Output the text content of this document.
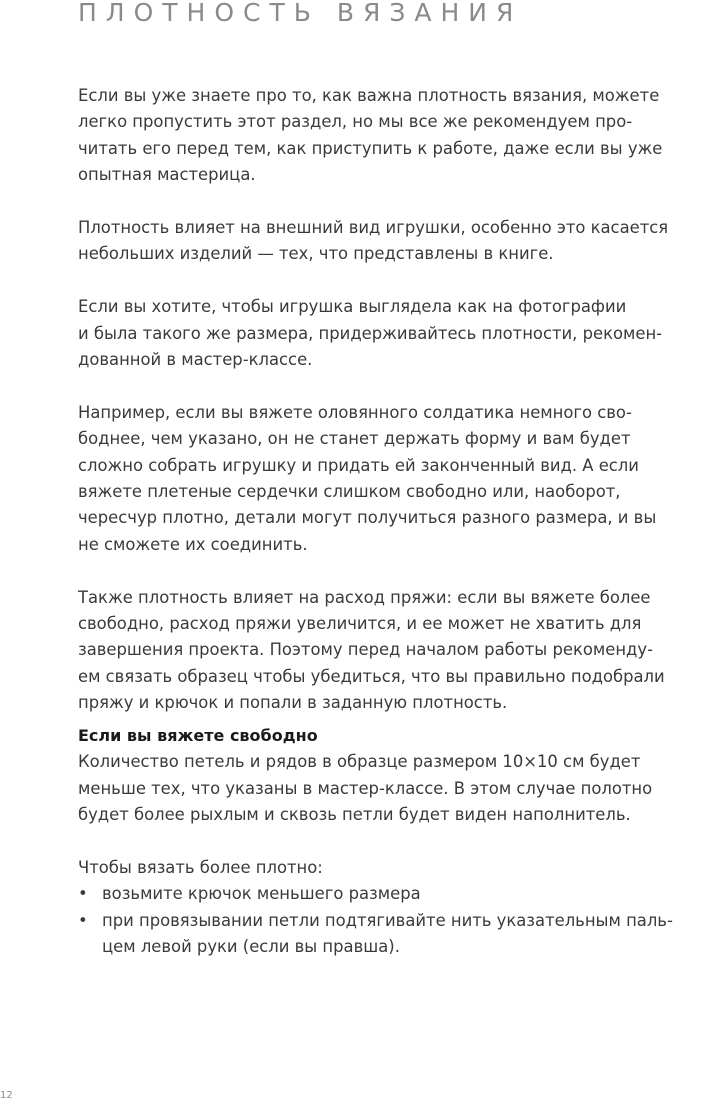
ПЛОТНОСТЬ ВЯЗАНИЯ
Если вы уже знаете про то, как важна плотность вязания, можете
легко пропустить этот раздел, но мы все же рекомендуем про-
читать его перед тем, как приступить к работе, даже если вы уже
опытная мастерица.
Плотность влияет на внешний вид игрушки, особенно это касается
небольших изделий — тех, что представлены в книге.
Если вы хотите, чтобы игрушка выглядела как на фотографии
и была такого же размера, придерживайтесь плотности, рекомен-
дованной в мастер-классе.
Например, если вы вяжете оловянного солдатика немного сво-
боднее, чем указано, он не станет держать форму и вам будет
сложно собрать игрушку и придать ей законченный вид. А если
вяжете плетеные сердечки слишком свободно или, наоборот,
чересчур плотно, детали могут получиться разного размера, и вы
не сможете их соединить.
Также плотность влияет на расход пряжи: если вы вяжете более
свободно, расход пряжи увеличится, и ее может не хватить для
завершения проекта. Поэтому перед началом работы рекоменду-
ем связать образец чтобы убедиться, что вы правильно подобрали
пряжу и крючок и попали в заданную плотность.
Если вы вяжете свободно
Количество петель и рядов в образце размером 10×10 см будет
меньше тех, что указаны в мастер-классе. В этом случае полотно
будет более рыхлым и сквозь петли будет виден наполнитель.
Чтобы вязать более плотно:
• возьмите крючок меньшего размера
• при провязывании петли подтягивайте нить указательным паль-
цем левой руки (если вы правша).
12
